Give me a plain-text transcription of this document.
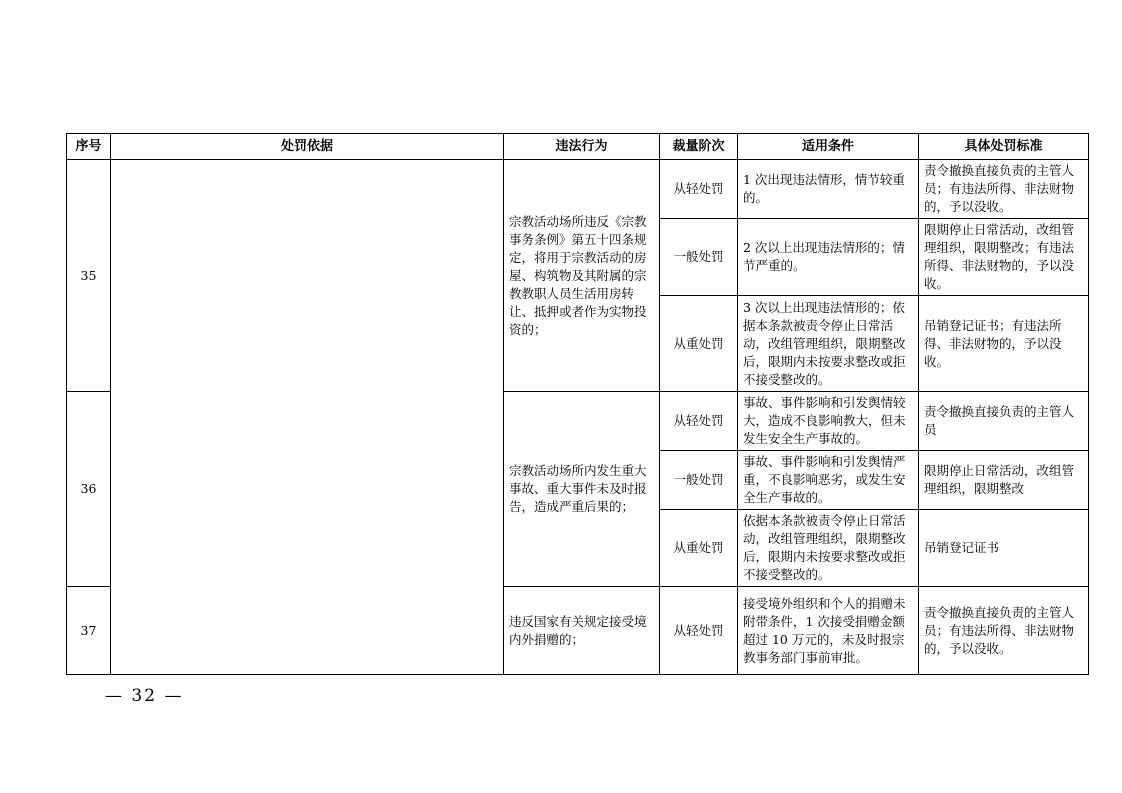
序号	处罚依据	违法行为	裁量阶次	适用条件	具体处罚标准
35		宗教活动场所违反《宗教事务条例》第五十四条规定，将用于宗教活动的房屋、构筑物及其附属的宗教教职人员生活用房转让、抵押或者作为实物投资的；	从轻处罚	1 次出现违法情形，情节较重的。	责令撤换直接负责的主管人员；有违法所得、非法财物的，予以没收。
			一般处罚	2 次以上出现违法情形的；情节严重的。	限期停止日常活动，改组管理组织，限期整改；有违法所得、非法财物的，予以没收。
			从重处罚	3 次以上出现违法情形的；依据本条款被责令停止日常活动，改组管理组织，限期整改后，限期内未按要求整改或拒不接受整改的。	吊销登记证书；有违法所得、非法财物的，予以没收。
36		宗教活动场所内发生重大事故、重大事件未及时报告，造成严重后果的；	从轻处罚	事故、事件影响和引发舆情较大，造成不良影响教大，但未发生安全生产事故的。	责令撤换直接负责的主管人员
			一般处罚	事故、事件影响和引发舆情严重，不良影响恶劣，或发生安全生产事故的。	限期停止日常活动，改组管理组织，限期整改
			从重处罚	依据本条款被责令停止日常活动，改组管理组织，限期整改后，限期内未按要求整改或拒不接受整改的。	吊销登记证书
37		违反国家有关规定接受境内外捐赠的；	从轻处罚	接受境外组织和个人的捐赠未附带条件，1 次接受捐赠金额超过 10 万元的，未及时报宗教事务部门事前审批。	责令撤换直接负责的主管人员；有违法所得、非法财物的，予以没收。
— 32 —
